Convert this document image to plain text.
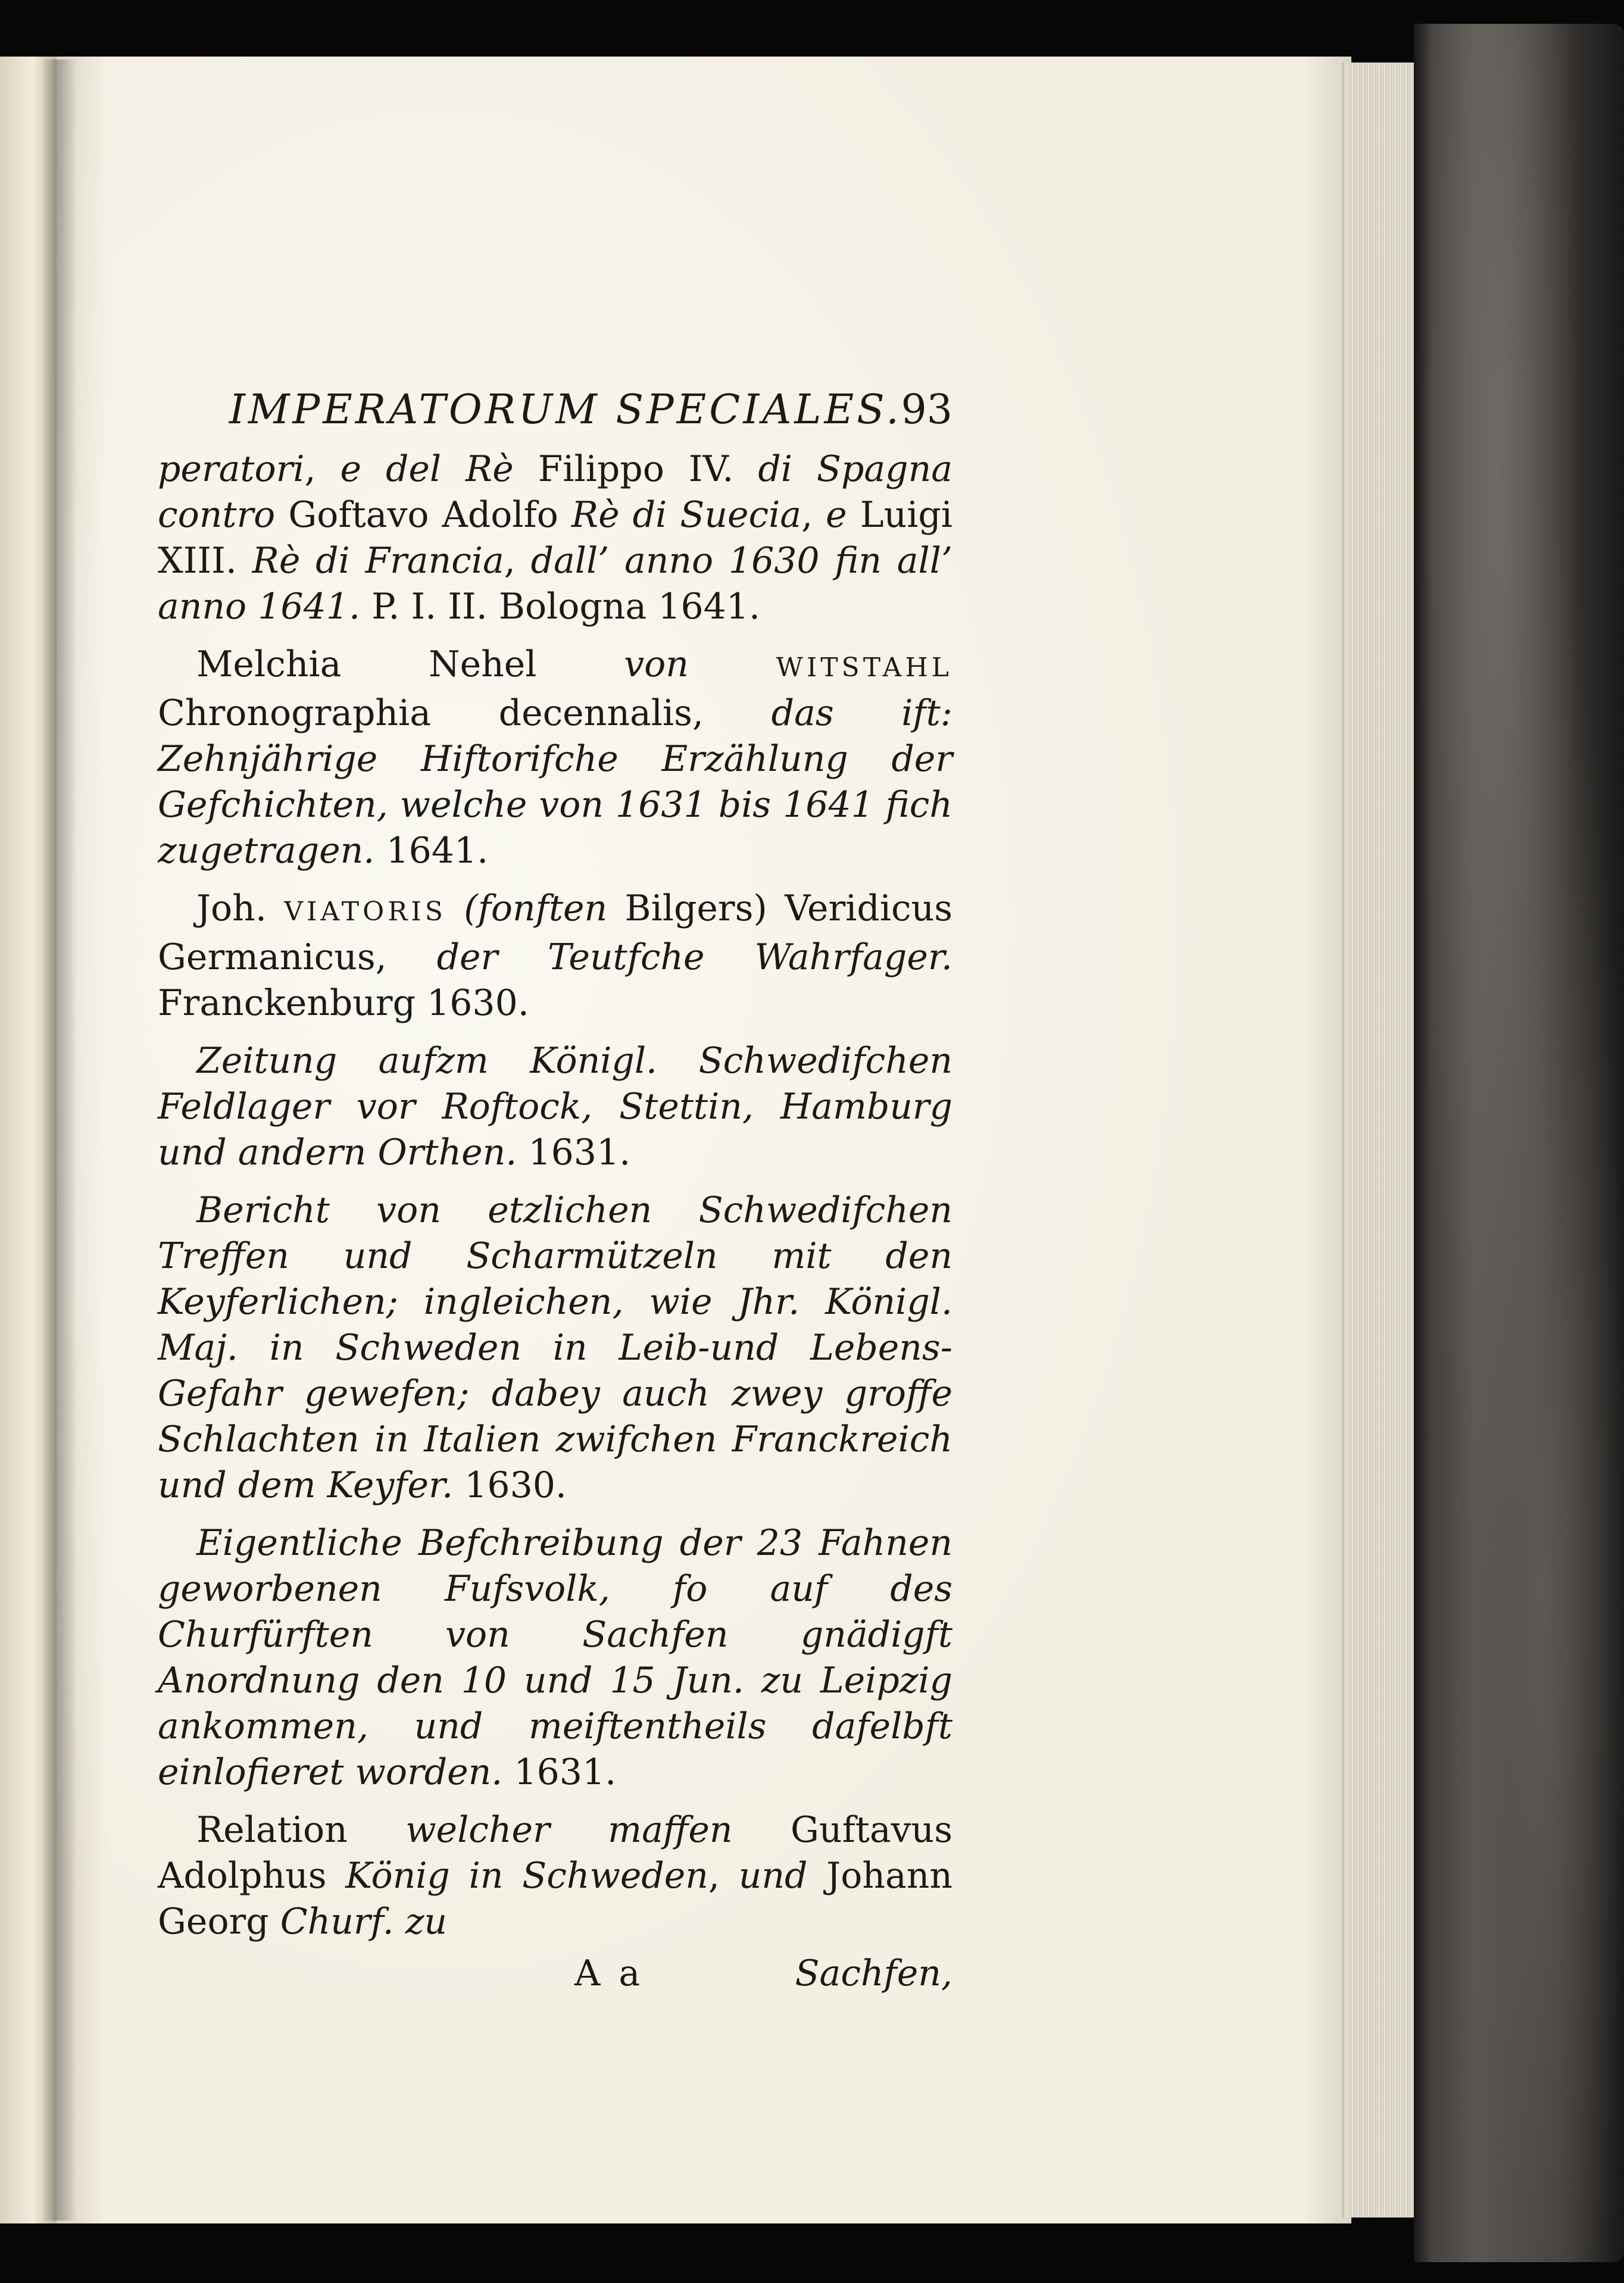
IMPERATORUM SPECIALES.
93

peratori, e del Rè Filippo IV. di Spagna contro Goftavo Adolfo Rè di Suecia, e Luigi XIII. Rè di Francia, dall’ anno 1630 fin all’ anno 1641. P. I. II. Bologna 1641.

Melchia Nehel von WITSTAHL Chronographia decennalis, das ift: Zehnjährige Hiftorifche Erzählung der Gefchichten, welche von 1631 bis 1641 fich zugetragen. 1641.

Joh. VIATORIS (fonften Bilgers) Veridicus Germanicus, der Teutfche Wahrfager. Franckenburg 1630.

Zeitung aufzm Königl. Schwedifchen Feldlager vor Roftock, Stettin, Hamburg und andern Orthen. 1631.

Bericht von etzlichen Schwedifchen Treffen und Scharmützeln mit den Keyferlichen; ingleichen, wie Jhr. Königl. Maj. in Schweden in Leib-und Lebens-Gefahr gewefen; dabey auch zwey groffe Schlachten in Italien zwifchen Franckreich und dem Keyfer. 1630.

Eigentliche Befchreibung der 23 Fahnen geworbenen Fufsvolk, fo auf des Churfürften von Sachfen gnädigft Anordnung den 10 und 15 Jun. zu Leipzig ankommen, und meiftentheils dafelbft einlofieret worden. 1631.

Relation welcher maffen Guftavus Adolphus König in Schweden, und Johann Georg Churf. zu

A a	Sachfen,
